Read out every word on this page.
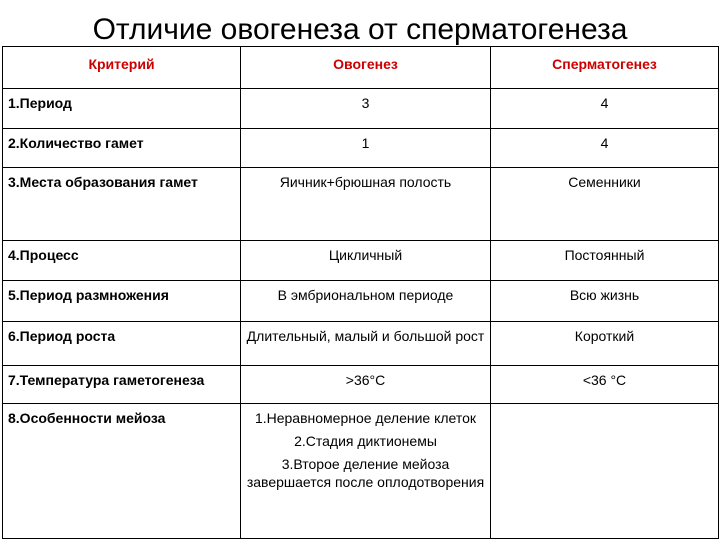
Отличие овогенеза от сперматогенеза
Критерий	Овогенез	Сперматогенез
1.Период	3	4

2.Количество гамет	1	4

3.Места образования гамет	Яичник+брюшная полость	Семенники

4.Процесс	Цикличный	Постоянный

5.Период размножения	В эмбриональном периоде	Всю жизнь

6.Период роста	Длительный, малый и большой рост	Короткий

7.Температура гаметогенеза	>36°C	<36 °C

8.Особенности мейоза	1.Неравномерное деление клеток
2.Стадия диктионемы
3.Второе деление мейоза завершается после оплодотворения	
